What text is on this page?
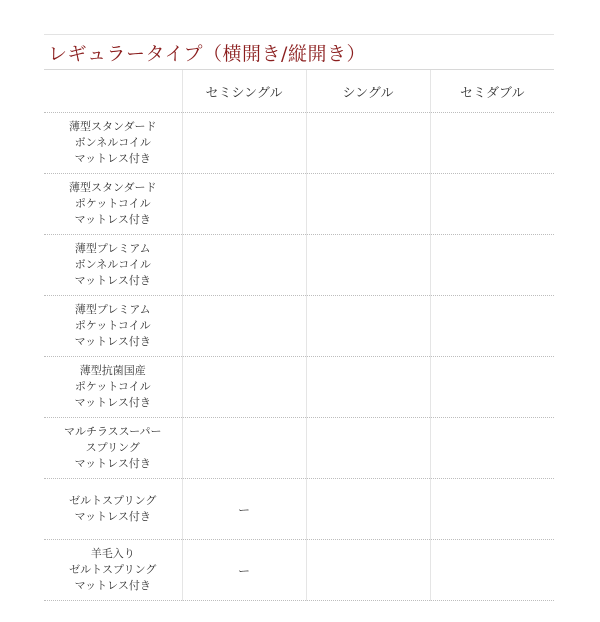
レギュラータイプ（横開き/縦開き）
	セミシングル	シングル	セミダブル

薄型スタンダード
ボンネルコイル
マットレス付き			

薄型スタンダード
ポケットコイル
マットレス付き			

薄型プレミアム
ボンネルコイル
マットレス付き			

薄型プレミアム
ポケットコイル
マットレス付き			

薄型抗菌国産
ポケットコイル
マットレス付き			

マルチラススーパー
スプリング
マットレス付き			

ゼルトスプリング
マットレス付き	ー		

羊毛入り
ゼルトスプリング
マットレス付き	ー		
